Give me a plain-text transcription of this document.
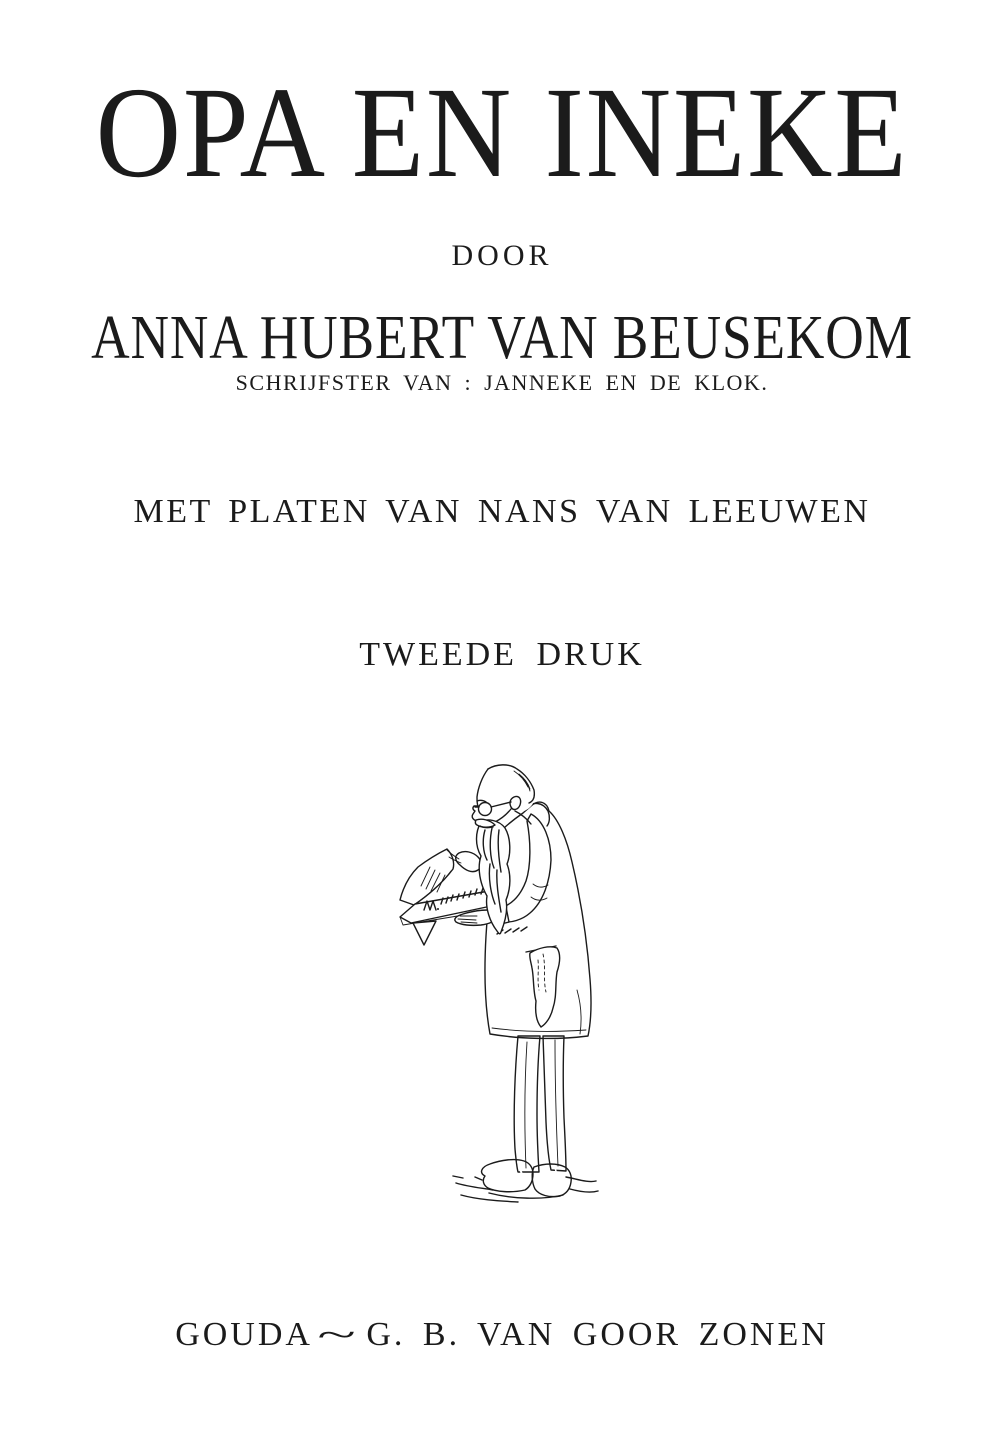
OPA EN INEKE
DOOR
ANNA HUBERT VAN BEUSEKOM
SCHRIJFSTER VAN : JANNEKE EN DE KLOK.
MET PLATEN VAN NANS VAN LEEUWEN
TWEEDE DRUK
GOUDA ~ G. B. VAN GOOR ZONEN
